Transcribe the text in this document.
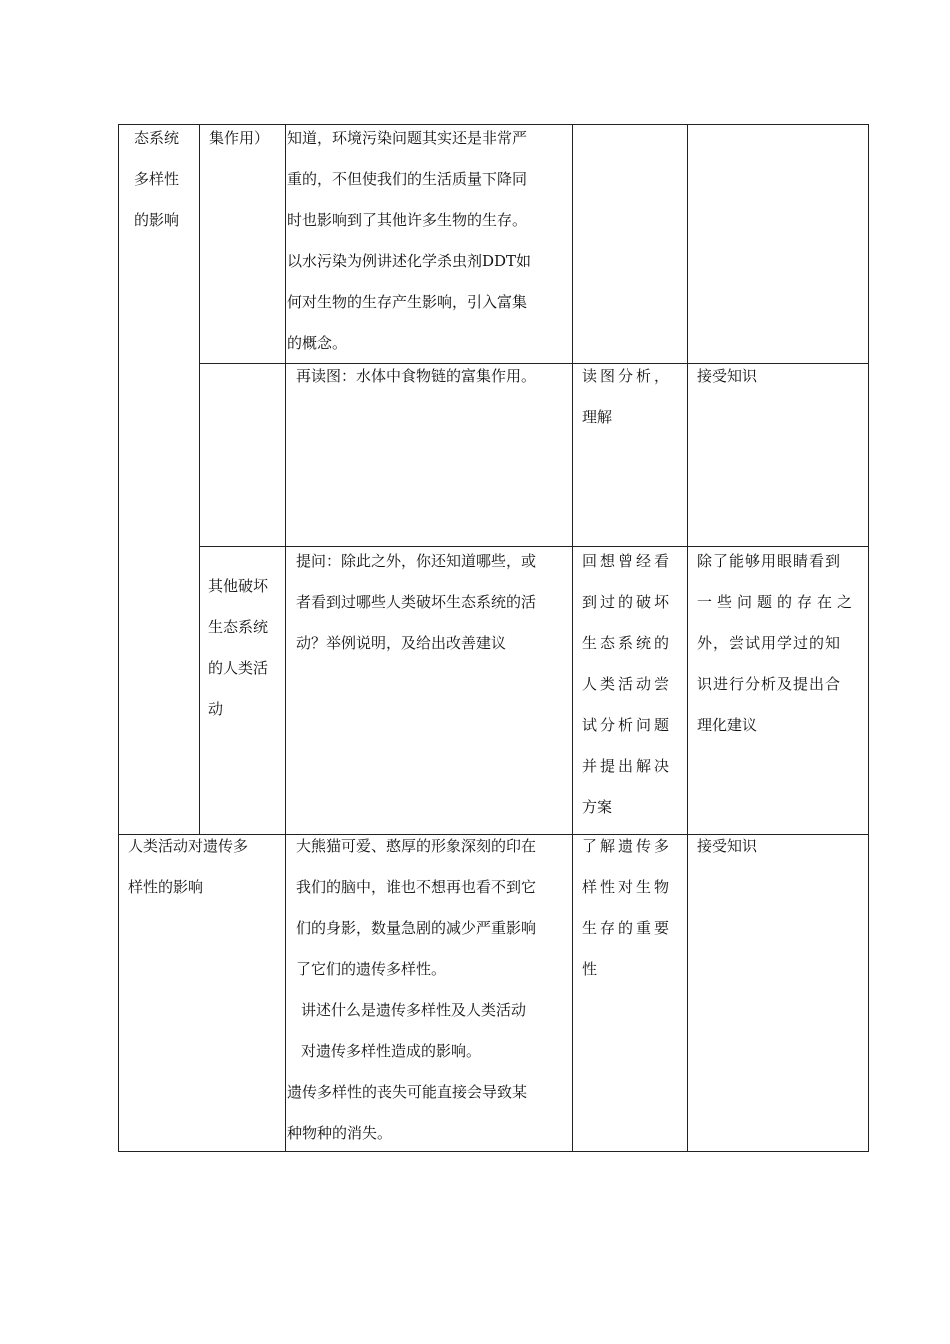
态系统
多样性
的影响
集作用）	知道，环境污染问题其实还是非常严
重的，不但使我们的生活质量下降同
时也影响到了其他许多生物的生存。
以水污染为例讲述化学杀虫剂DDT如
何对生物的生存产生影响，引入富集
的概念。
再读图：水体中食物链的富集作用。	读图分析，
理解
接受知识
其他破坏
生态系统
的人类活
动
提问：除此之外，你还知道哪些，或
者看到过哪些人类破坏生态系统的活
动？举例说明，及给出改善建议
回想曾经看
到过的破坏
生态系统的
人类活动尝
试分析问题
并提出解决
方案
除了能够用眼睛看到
一些问题的存在之
外，尝试用学过的知
识进行分析及提出合
理化建议
人类活动对遗传多
样性的影响
大熊猫可爱、憨厚的形象深刻的印在
我们的脑中，谁也不想再也看不到它
们的身影，数量急剧的减少严重影响
了它们的遗传多样性。
讲述什么是遗传多样性及人类活动
对遗传多样性造成的影响。
遗传多样性的丧失可能直接会导致某
种物种的消失。
了解遗传多
样性对生物
生存的重要
性
接受知识
